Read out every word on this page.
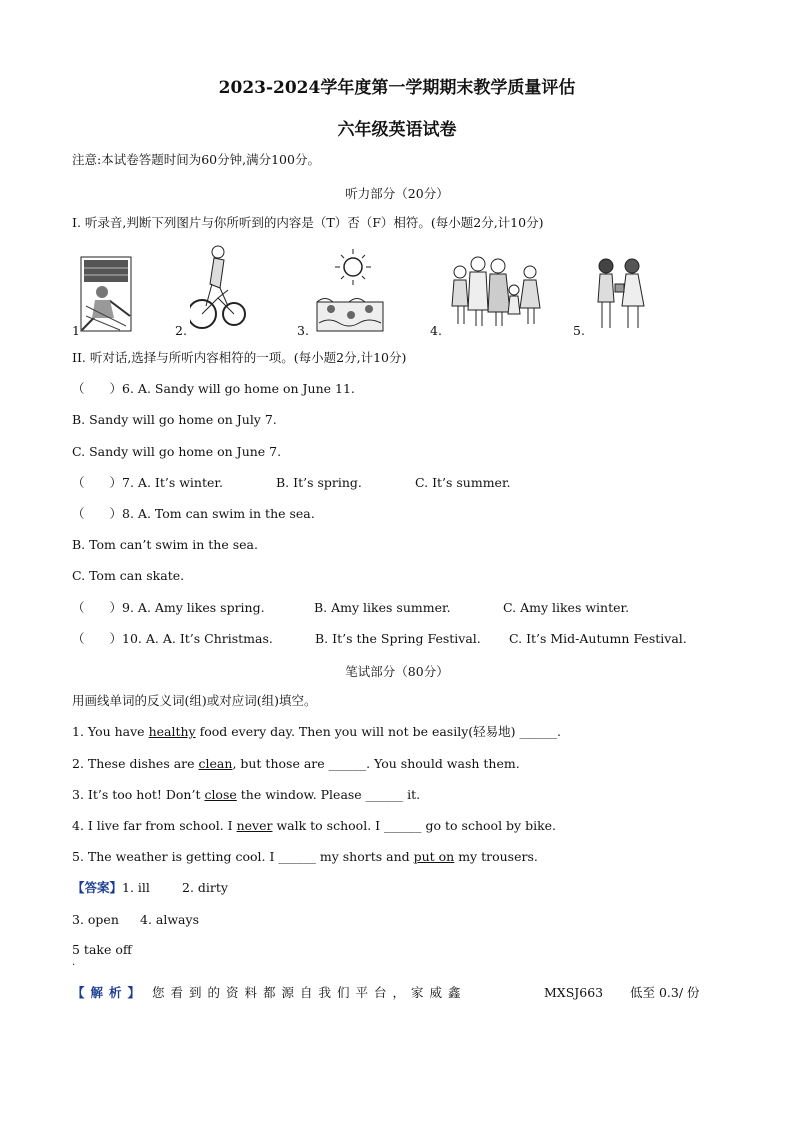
2023-2024学年度第一学期期末教学质量评估
六年级英语试卷
注意:本试卷答题时间为60分钟,满分100分。
听力部分（20分）
I. 听录音,判断下列图片与你所听到的内容是（T）否（F）相符。(每小题2分,计10分)
1	2.	3.	4.	5.
II. 听对话,选择与所听内容相符的一项。(每小题2分,计10分)
（　　）6. A. Sandy will go home on June 11.
B. Sandy will go home on July 7.
C. Sandy will go home on June 7.
（　　）7. A. It’s winter.	B. It’s spring.	C. It’s summer.
（　　）8. A. Tom can swim in the sea.
B. Tom can’t swim in the sea.
C. Tom can skate.
（　　）9. A. Amy likes spring.	B. Amy likes summer.	C. Amy likes winter.
（　　）10. A. A. It’s Christmas.	B. It’s the Spring Festival. C. It’s Mid-Autumn Festival.
笔试部分（80分）
用画线单词的反义词(组)或对应词(组)填空。
1. You have healthy food every day. Then you will not be easily(轻易地) ______.
2. These dishes are clean, but those are ______. You should wash them.
3. It’s too hot! Don’t close the window. Please ______ it.
4. I live far from school. I never walk to school. I ______ go to school by bike.
5. The weather is getting cool. I ______ my shorts and put on my trousers.
【答案】1. ill	2. dirty
3. open 4. always
5 take off
.
【解析】 您看到的资料都源自我们平台，家威鑫	MXSJ663 低至 0.3/ 份
